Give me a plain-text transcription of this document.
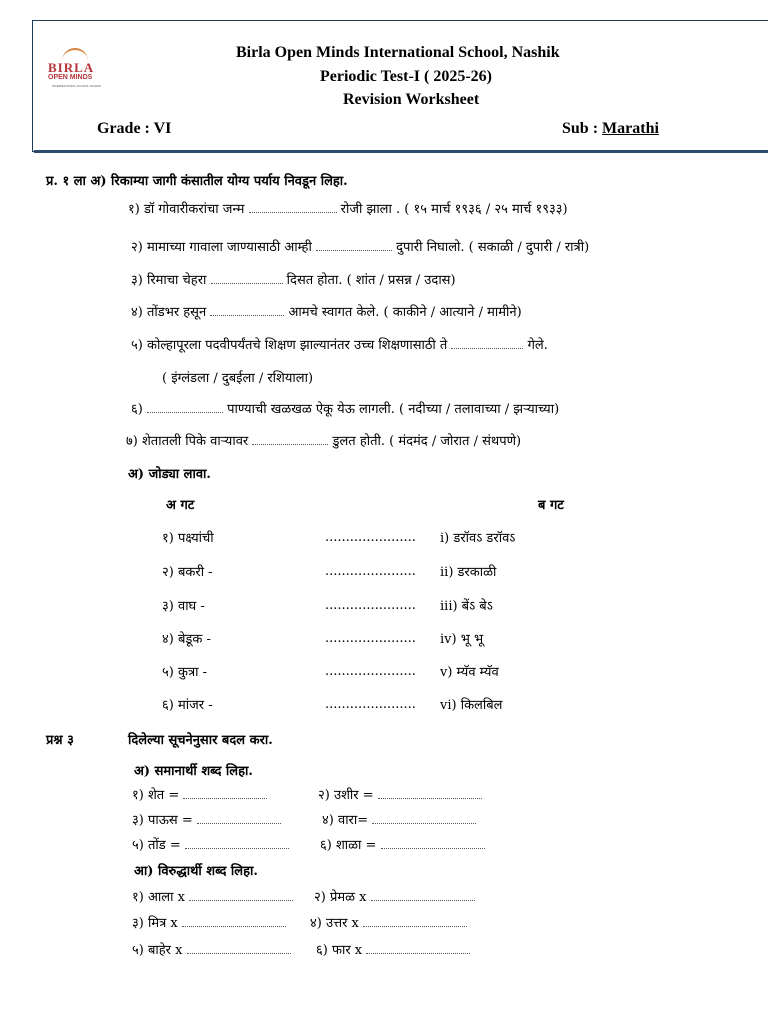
BIRLA
OPEN MINDS
INTERNATIONAL SCHOOL NASHIK
Birla Open Minds International School, Nashik
Periodic Test-I ( 2025-26)
Revision Worksheet
Grade : VI	Sub : Marathi
प्र. १ ला अ) रिकाम्या जागी कंसातील योग्य पर्याय निवडून लिहा.
१) डॉ गोवारीकरांचा जन्म	रोजी झाला . ( १५ मार्च १९३६ / २५ मार्च १९३३)
२) मामाच्या गावाला जाण्यासाठी आम्ही	दुपारी निघालो. ( सकाळी / दुपारी / रात्री)
३) रिमाचा चेहरा	दिसत होता. ( शांत / प्रसन्न / उदास)
४) तोंडभर हसून	आमचे स्वागत केले. ( काकीने / आत्याने / मामीने)
५) कोल्हापूरला पदवीपर्यंतचे शिक्षण झाल्यानंतर उच्च शिक्षणासाठी ते	गेले.
( इंग्लंडला / दुबईला / रशियाला)
६)	पाण्याची खळखळ ऐकू येऊ लागली. ( नदीच्या / तलावाच्या / झऱ्याच्या)
७) शेतातली पिके वाऱ्यावर	डुलत होती. ( मंदमंद / जोरात / संथपणे)
अ) जोड्या लावा.
अ गट	ब गट
१) पक्ष्यांची	...................... i) डरॉवऽ डरॉवऽ
२) बकरी -	...................... ii) डरकाळी
३) वाघ -	...................... iii) बेंऽ बेऽ
४) बेडूक -	...................... iv) भू भू
५) कुत्रा -	...................... v) म्यॅव म्यॅव
६) मांजर -	...................... vi) किलबिल
प्रश्न ३	दिलेल्या सूचनेनुसार बदल करा.
अ) समानार्थी शब्द लिहा.
१) शेत =	२) उशीर =
३) पाऊस =	४) वारा=
५) तोंड =	६) शाळा =
आ) विरुद्धार्थी शब्द लिहा.
१) आला x	२) प्रेमळ x
३) मित्र x	४) उत्तर x
५) बाहेर x	६) फार x
